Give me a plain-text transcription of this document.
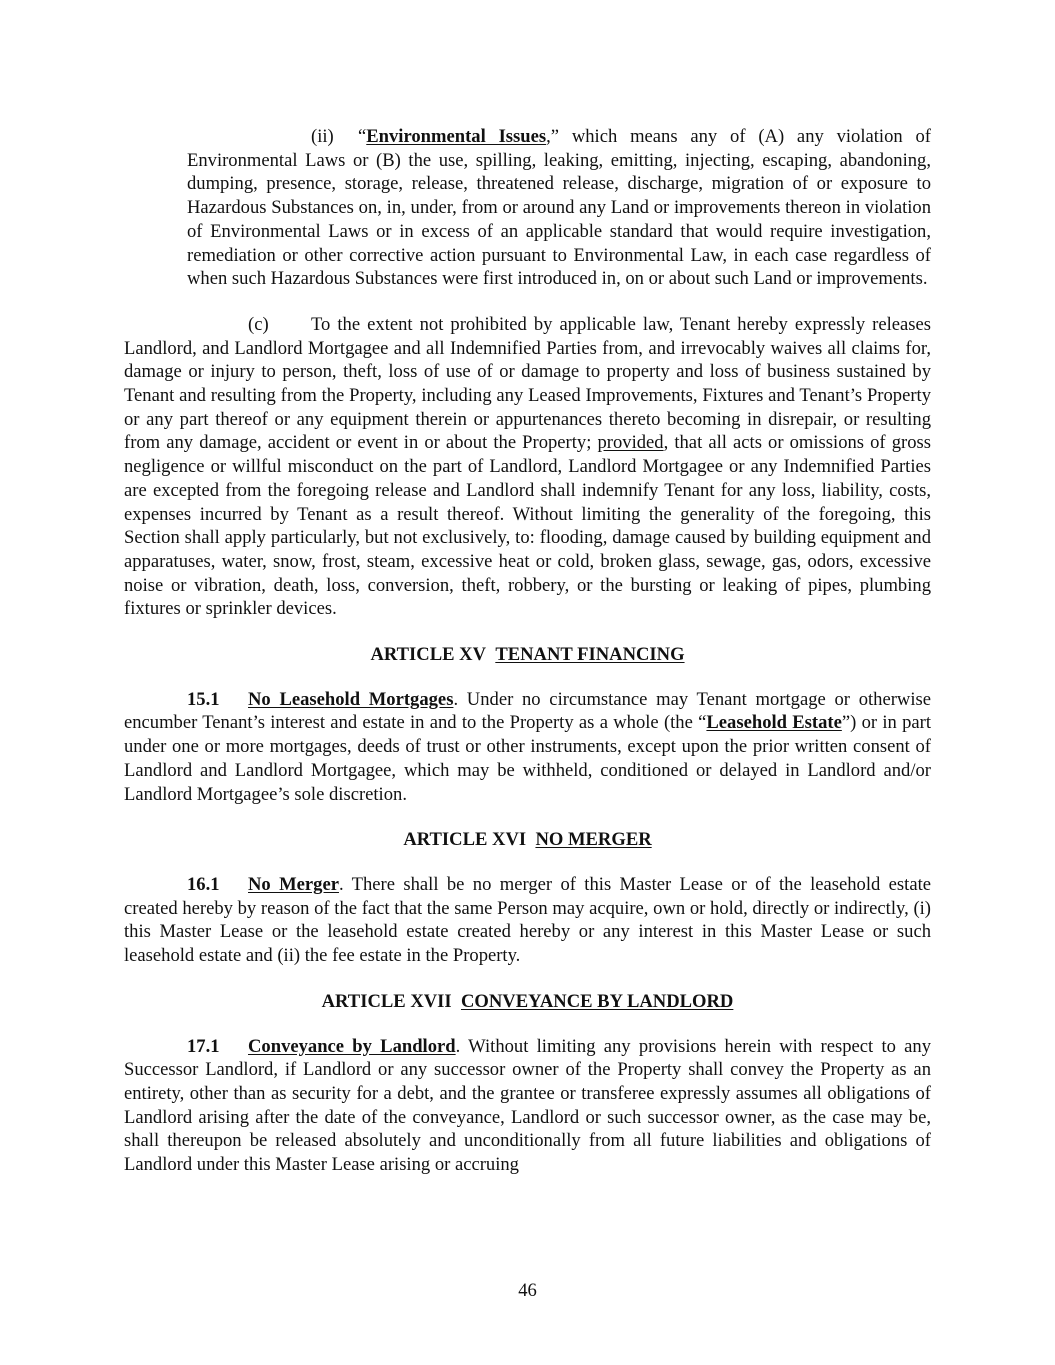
(ii) “Environmental Issues,” which means any of (A) any violation of Environmental Laws or (B) the use, spilling, leaking, emitting, injecting, escaping, abandoning, dumping, presence, storage, release, threatened release, discharge, migration of or exposure to Hazardous Substances on, in, under, from or around any Land or improvements thereon in violation of Environmental Laws or in excess of an applicable standard that would require investigation, remediation or other corrective action pursuant to Environmental Law, in each case regardless of when such Hazardous Substances were first introduced in, on or about such Land or improvements.

(c) To the extent not prohibited by applicable law, Tenant hereby expressly releases Landlord, and Landlord Mortgagee and all Indemnified Parties from, and irrevocably waives all claims for, damage or injury to person, theft, loss of use of or damage to property and loss of business sustained by Tenant and resulting from the Property, including any Leased Improvements, Fixtures and Tenant’s Property or any part thereof or any equipment therein or appurtenances thereto becoming in disrepair, or resulting from any damage, accident or event in or about the Property; provided, that all acts or omissions of gross negligence or willful misconduct on the part of Landlord, Landlord Mortgagee or any Indemnified Parties are excepted from the foregoing release and Landlord shall indemnify Tenant for any loss, liability, costs, expenses incurred by Tenant as a result thereof. Without limiting the generality of the foregoing, this Section shall apply particularly, but not exclusively, to: flooding, damage caused by building equipment and apparatuses, water, snow, frost, steam, excessive heat or cold, broken glass, sewage, gas, odors, excessive noise or vibration, death, loss, conversion, theft, robbery, or the bursting or leaking of pipes, plumbing fixtures or sprinkler devices.

ARTICLE XV TENANT FINANCING

15.1 No Leasehold Mortgages. Under no circumstance may Tenant mortgage or otherwise encumber Tenant’s interest and estate in and to the Property as a whole (the “Leasehold Estate”) or in part under one or more mortgages, deeds of trust or other instruments, except upon the prior written consent of Landlord and Landlord Mortgagee, which may be withheld, conditioned or delayed in Landlord and/or Landlord Mortgagee’s sole discretion.

ARTICLE XVI NO MERGER

16.1 No Merger. There shall be no merger of this Master Lease or of the leasehold estate created hereby by reason of the fact that the same Person may acquire, own or hold, directly or indirectly, (i) this Master Lease or the leasehold estate created hereby or any interest in this Master Lease or such leasehold estate and (ii) the fee estate in the Property.

ARTICLE XVII CONVEYANCE BY LANDLORD

17.1 Conveyance by Landlord. Without limiting any provisions herein with respect to any Successor Landlord, if Landlord or any successor owner of the Property shall convey the Property as an entirety, other than as security for a debt, and the grantee or transferee expressly assumes all obligations of Landlord arising after the date of the conveyance, Landlord or such successor owner, as the case may be, shall thereupon be released absolutely and unconditionally from all future liabilities and obligations of Landlord under this Master Lease arising or accruing

46
